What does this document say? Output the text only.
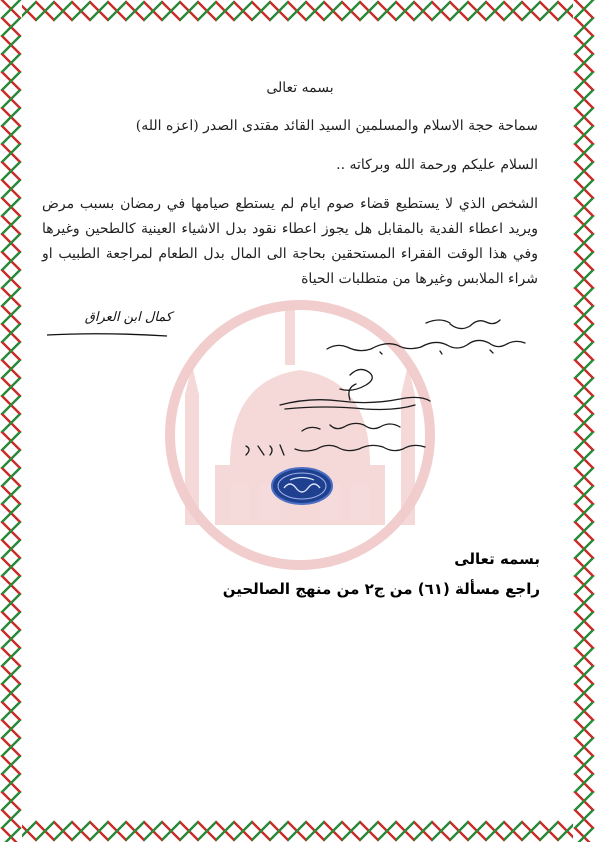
بسمه تعالى
سماحة حجة الاسلام والمسلمين السيد القائد مقتدى الصدر (اعزه الله)
السلام عليكم ورحمة الله وبركاته ..
الشخص الذي لا يستطيع قضاء صوم ايام لم يستطع صيامها في رمضان بسبب مرض ويريد اعطاء الفدية بالمقابل هل يجوز اعطاء نقود بدل الاشياء العينية كالطحين وغيرها وفي هذا الوقت الفقراء المستحقين بحاجة الى المال بدل الطعام لمراجعة الطبيب او شراء الملابس وغيرها من متطلبات الحياة
كمال ابن العراق
بسمه تعالى
راجع مسألة (٦١) من ج٢ من منهج الصالحين
